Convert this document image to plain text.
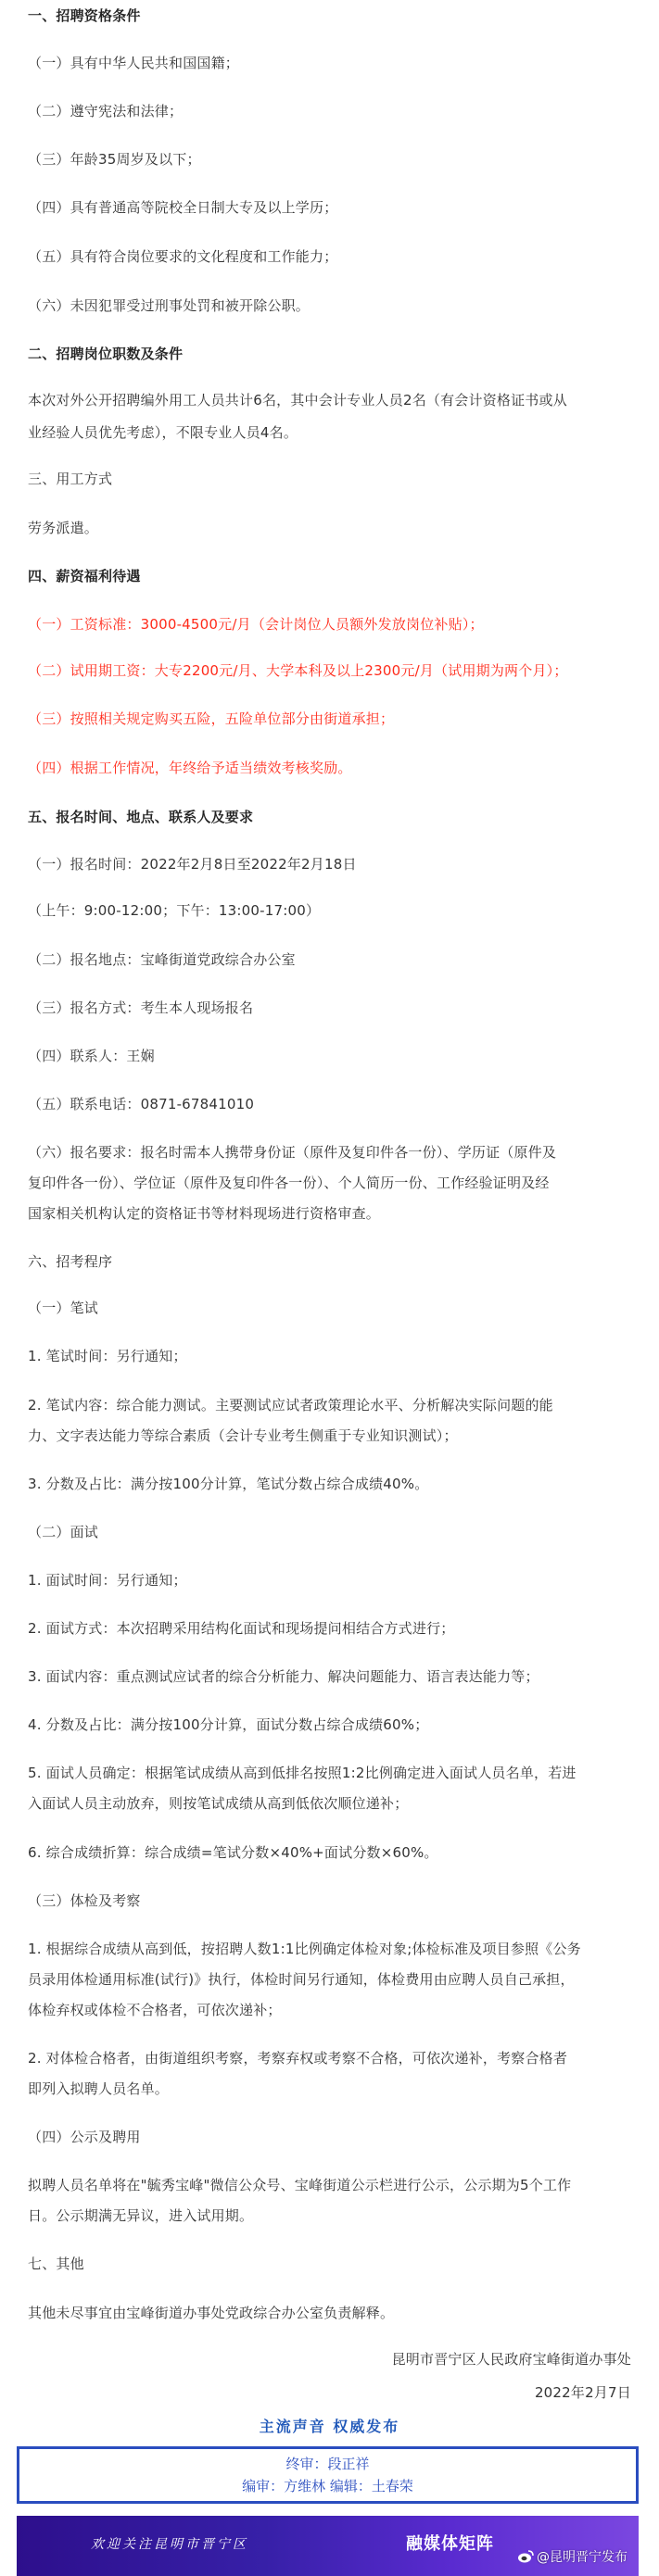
一、招聘资格条件

（一）具有中华人民共和国国籍；

（二）遵守宪法和法律；

（三）年龄35周岁及以下；

（四）具有普通高等院校全日制大专及以上学历；

（五）具有符合岗位要求的文化程度和工作能力；

（六）未因犯罪受过刑事处罚和被开除公职。

二、招聘岗位职数及条件

本次对外公开招聘编外用工人员共计6名，其中会计专业人员2名（有会计资格证书或从

业经验人员优先考虑），不限专业人员4名。

三、用工方式

劳务派遣。

四、薪资福利待遇

（一）工资标准：3000-4500元/月（会计岗位人员额外发放岗位补贴）；

（二）试用期工资：大专2200元/月、大学本科及以上2300元/月（试用期为两个月）；

（三）按照相关规定购买五险，五险单位部分由街道承担；

（四）根据工作情况，年终给予适当绩效考核奖励。

五、报名时间、地点、联系人及要求

（一）报名时间：2022年2月8日至2022年2月18日

（上午：9:00-12:00；下午：13:00-17:00）

（二）报名地点：宝峰街道党政综合办公室

（三）报名方式：考生本人现场报名

（四）联系人：王娴

（五）联系电话：0871-67841010

（六）报名要求：报名时需本人携带身份证（原件及复印件各一份）、学历证（原件及

复印件各一份）、学位证（原件及复印件各一份）、个人简历一份、工作经验证明及经

国家相关机构认定的资格证书等材料现场进行资格审查。

六、招考程序

（一）笔试

1. 笔试时间：另行通知；

2. 笔试内容：综合能力测试。主要测试应试者政策理论水平、分析解决实际问题的能

力、文字表达能力等综合素质（会计专业考生侧重于专业知识测试）；

3. 分数及占比：满分按100分计算，笔试分数占综合成绩40%。

（二）面试

1. 面试时间：另行通知；

2. 面试方式：本次招聘采用结构化面试和现场提问相结合方式进行；

3. 面试内容：重点测试应试者的综合分析能力、解决问题能力、语言表达能力等；

4. 分数及占比：满分按100分计算，面试分数占综合成绩60%；

5. 面试人员确定：根据笔试成绩从高到低排名按照1:2比例确定进入面试人员名单，若进

入面试人员主动放弃，则按笔试成绩从高到低依次顺位递补；

6. 综合成绩折算：综合成绩=笔试分数×40%+面试分数×60%。

（三）体检及考察

1. 根据综合成绩从高到低，按招聘人数1:1比例确定体检对象;体检标准及项目参照《公务

员录用体检通用标准(试行)》执行，体检时间另行通知，体检费用由应聘人员自己承担，

体检弃权或体检不合格者，可依次递补；

2. 对体检合格者，由街道组织考察，考察弃权或考察不合格，可依次递补，考察合格者

即列入拟聘人员名单。

（四）公示及聘用

拟聘人员名单将在"毓秀宝峰"微信公众号、宝峰街道公示栏进行公示，公示期为5个工作

日。公示期满无异议，进入试用期。

七、其他

其他未尽事宜由宝峰街道办事处党政综合办公室负责解释。

昆明市晋宁区人民政府宝峰街道办事处

2022年2月7日

主流声音 权威发布
终审：段正祥
编审：方维林 编辑：土春荣
欢迎关注昆明市晋宁区	融媒体矩阵
@昆明晋宁发布
